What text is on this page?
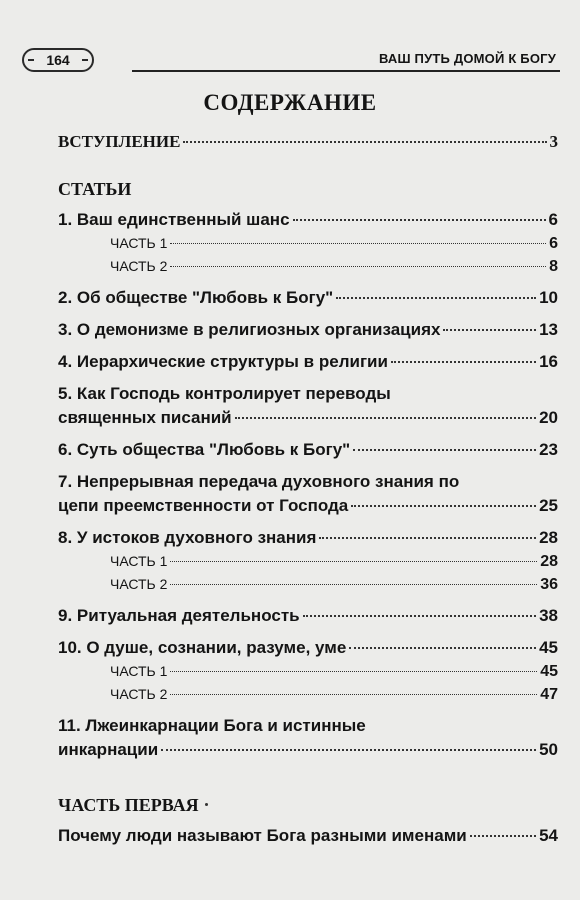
164	ВАШ ПУТЬ ДОМОЙ К БОГУ
СОДЕРЖАНИЕ
ВСТУПЛЕНИЕ	3
СТАТЬИ
1. Ваш единственный шанс	6
ЧАСТЬ 1	6
ЧАСТЬ 2	8
2. Об обществе "Любовь к Богу"	10
3. О демонизме в религиозных организациях	13
4. Иерархические структуры в религии	16
5. Как Господь контролирует переводы
священных писаний	20
6. Суть общества "Любовь к Богу"	23
7. Непрерывная передача духовного знания по
цепи преемственности от Господа	25
8. У истоков духовного знания	28
ЧАСТЬ 1	28
ЧАСТЬ 2	36
9. Ритуальная деятельность	38
10. О душе, сознании, разуме, уме	45
ЧАСТЬ 1	45
ЧАСТЬ 2	47
11. Лжеинкарнации Бога и истинные
инкарнации	50
ЧАСТЬ ПЕРВАЯ
Почему люди называют Бога разными именами	54
